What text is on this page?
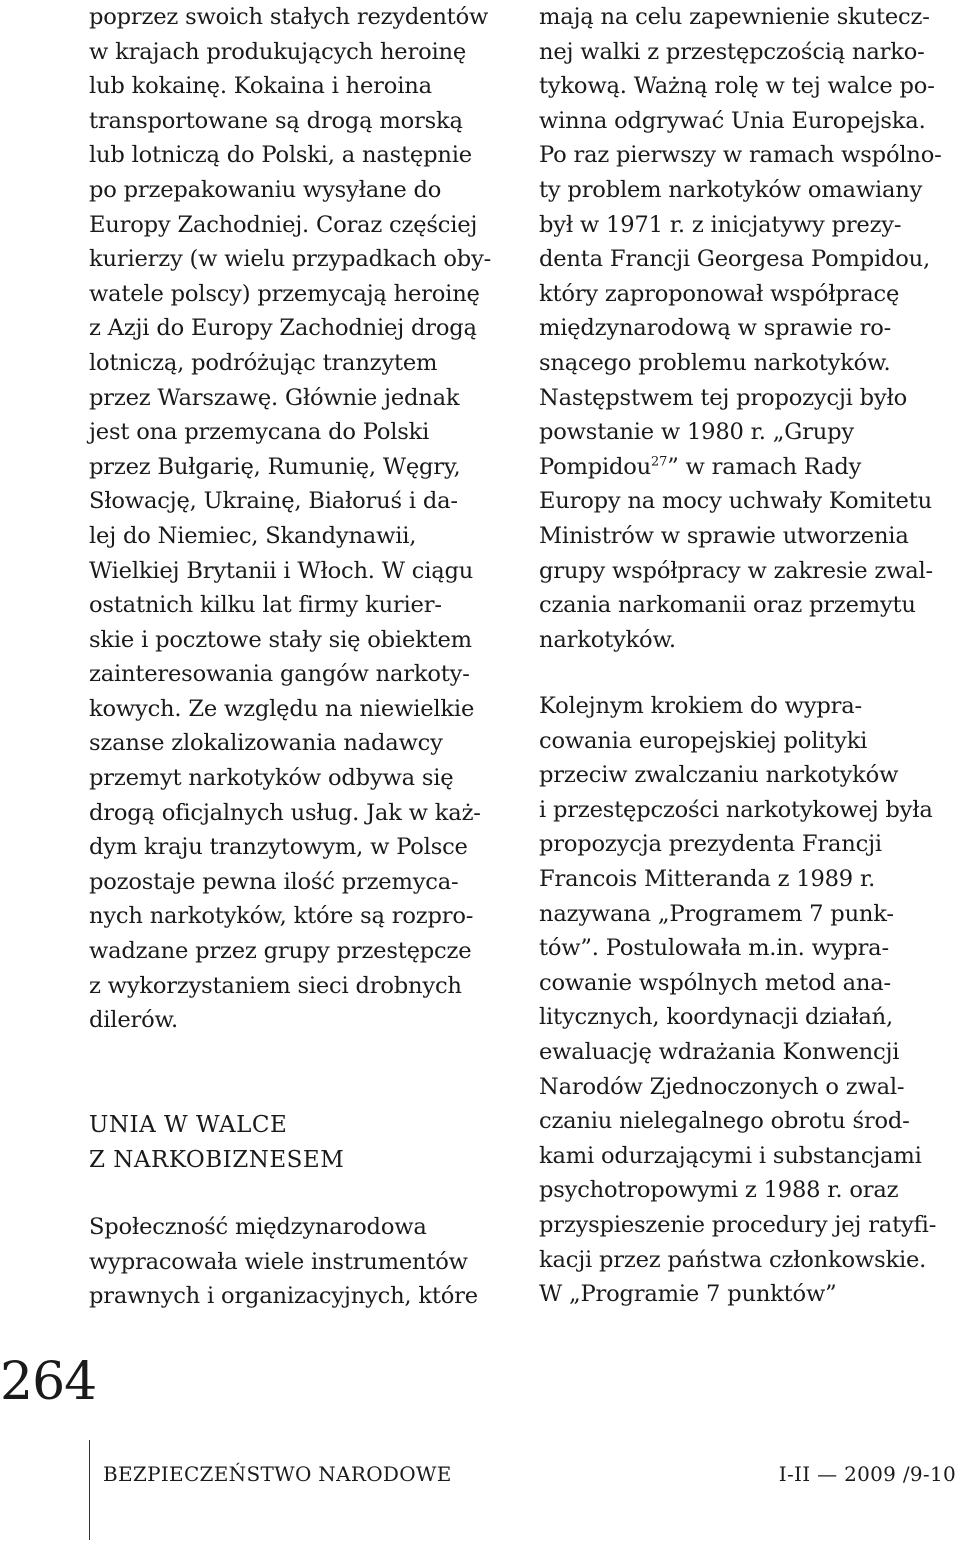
poprzez swoich stałych rezydentów
w krajach produkujących heroinę
lub kokainę. Kokaina i heroina
transportowane są drogą morską
lub lotniczą do Polski, a następnie
po przepakowaniu wysyłane do
Europy Zachodniej. Coraz częściej
kurierzy (w wielu przypadkach oby-
watele polscy) przemycają heroinę
z Azji do Europy Zachodniej drogą
lotniczą, podróżując tranzytem
przez Warszawę. Głównie jednak
jest ona przemycana do Polski
przez Bułgarię, Rumunię, Węgry,
Słowację, Ukrainę, Białoruś i da-
lej do Niemiec, Skandynawii,
Wielkiej Brytanii i Włoch. W ciągu
ostatnich kilku lat firmy kurier-
skie i pocztowe stały się obiektem
zainteresowania gangów narkoty-
kowych. Ze względu na niewielkie
szanse zlokalizowania nadawcy
przemyt narkotyków odbywa się
drogą oficjalnych usług. Jak w każ-
dym kraju tranzytowym, w Polsce
pozostaje pewna ilość przemyca-
nych narkotyków, które są rozpro-
wadzane przez grupy przestępcze
z wykorzystaniem sieci drobnych
dilerów.
UNIA W WALCE
Z NARKOBIZNESEM
Społeczność międzynarodowa
wypracowała wiele instrumentów
prawnych i organizacyjnych, które
mają na celu zapewnienie skutecz-
nej walki z przestępczością narko-
tykową. Ważną rolę w tej walce po-
winna odgrywać Unia Europejska.
Po raz pierwszy w ramach wspólno-
ty problem narkotyków omawiany
był w 1971 r. z inicjatywy prezy-
denta Francji Georgesa Pompidou,
który zaproponował współpracę
międzynarodową w sprawie ro-
snącego problemu narkotyków.
Następstwem tej propozycji było
powstanie w 1980 r. „Grupy
Pompidou$^{27}$” w ramach Rady
Europy na mocy uchwały Komitetu
Ministrów w sprawie utworzenia
grupy współpracy w zakresie zwal-
czania narkomanii oraz przemytu
narkotyków.
Kolejnym krokiem do wypra-
cowania europejskiej polityki
przeciw zwalczaniu narkotyków
i przestępczości narkotykowej była
propozycja prezydenta Francji
Francois Mitteranda z 1989 r.
nazywana „Programem 7 punk-
tów”. Postulowała m.in. wypra-
cowanie wspólnych metod ana-
litycznych, koordynacji działań,
ewaluację wdrażania Konwencji
Narodów Zjednoczonych o zwal-
czaniu nielegalnego obrotu środ-
kami odurzającymi i substancjami
psychotropowymi z 1988 r. oraz
przyspieszenie procedury jej ratyfi-
kacji przez państwa członkowskie.
W „Programie 7 punktów”
264
BEZPIECZEŃSTWO NARODOWE	I-II — 2009 /9-10
